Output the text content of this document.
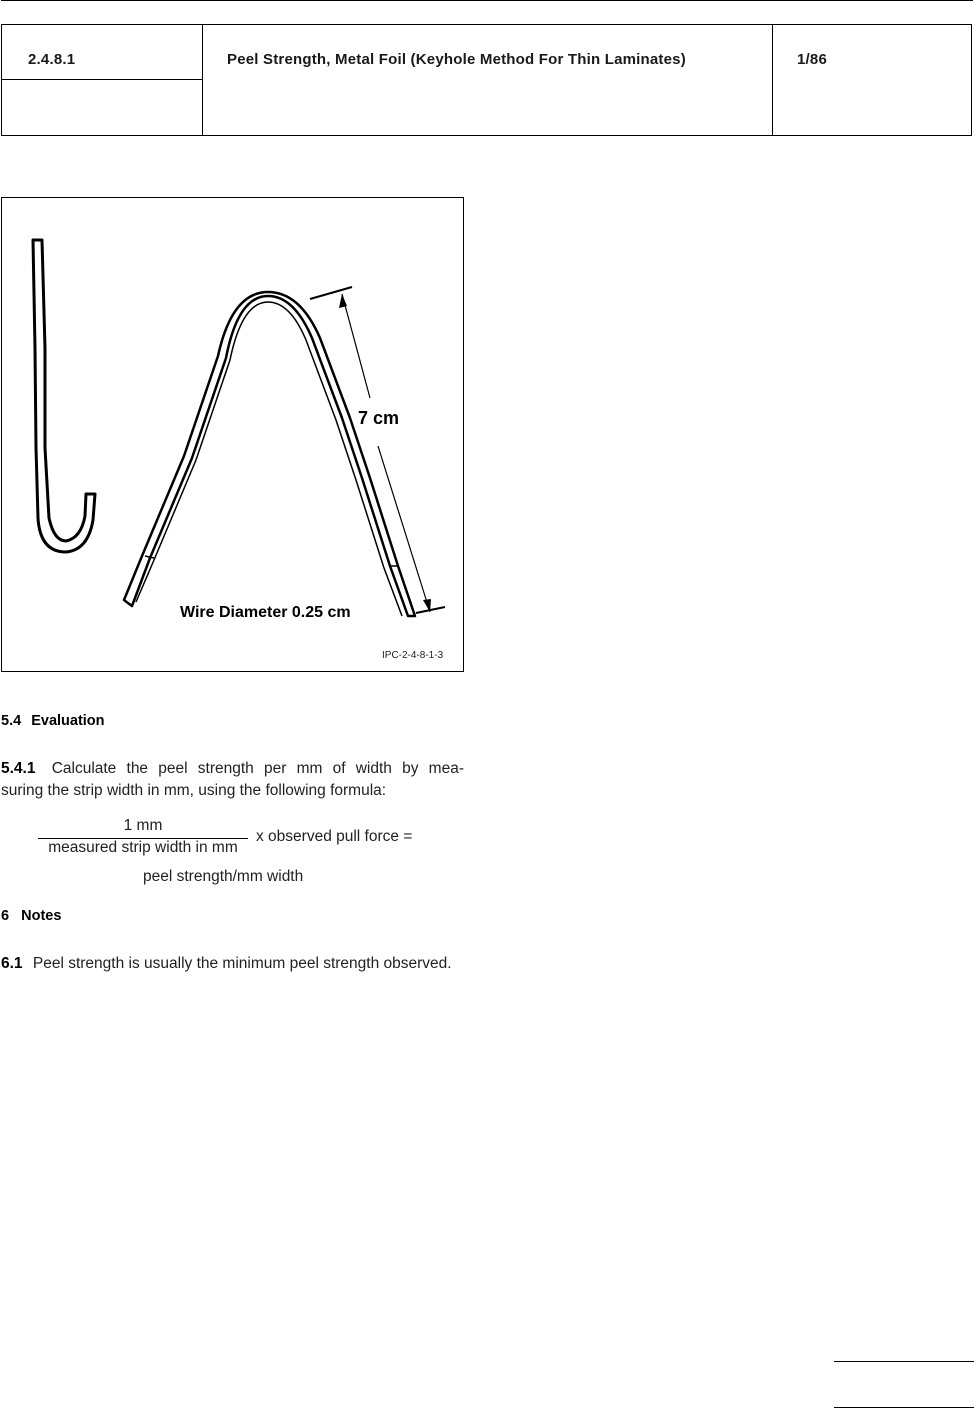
2.4.8.1	Peel Strength, Metal Foil (Keyhole Method For Thin Laminates)	1/86
7 cm
Wire Diameter 0.25 cm
IPC-2-4-8-1-3
5.4 Evaluation
5.4.1 Calculate the peel strength per mm of width by mea-
suring the strip width in mm, using the following formula:
1 mm
measured strip width in mm
x observed pull force =
peel strength/mm width
6 Notes
6.1 Peel strength is usually the minimum peel strength observed.
